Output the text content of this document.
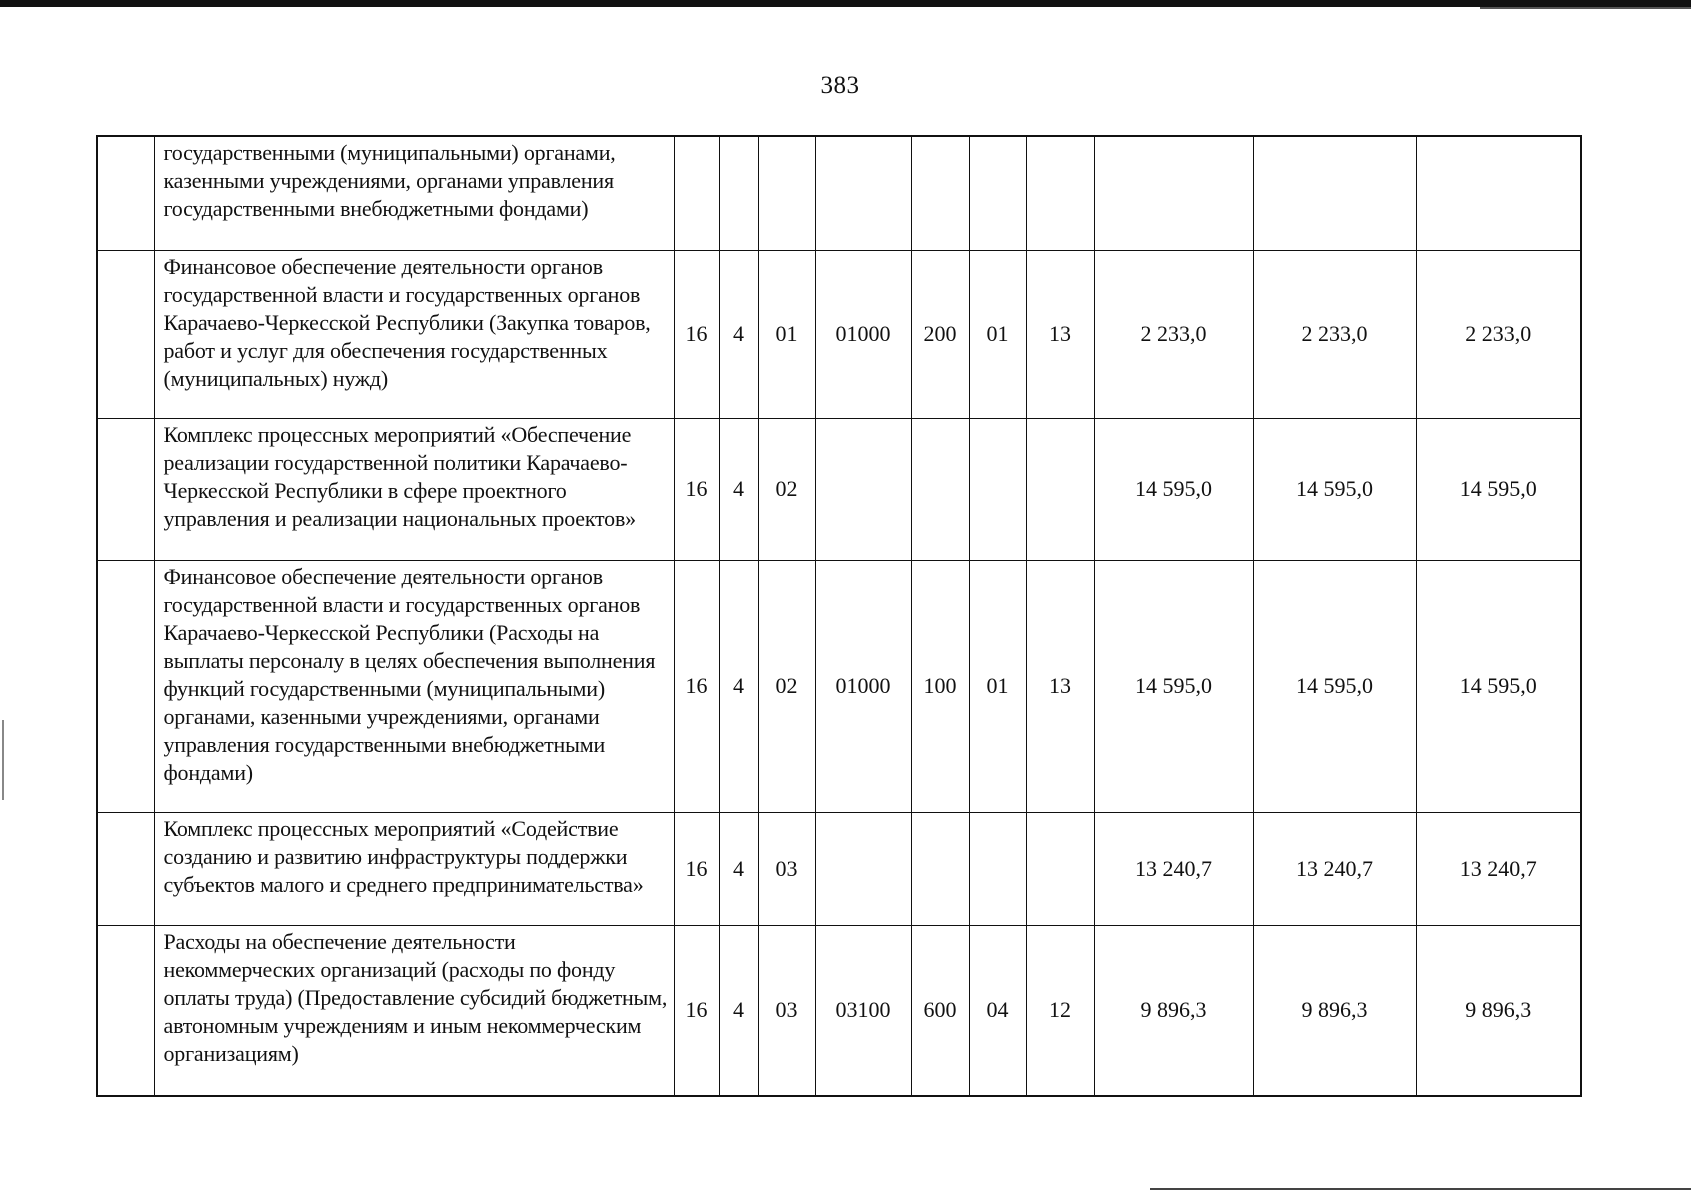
383
	государственными (муниципальными) органами, казенными учреждениями, органами управления государственными внебюджетными фондами)										
	Финансовое обеспечение деятельности органов государственной власти и государственных органов Карачаево-Черкесской Республики (Закупка товаров, работ и услуг для обеспечения государственных (муниципальных) нужд)	16	4	01	01000	200	01	13	2 233,0	2 233,0	2 233,0
	Комплекс процессных мероприятий «Обеспечение реализации государственной политики Карачаево-Черкесской Республики в сфере проектного управления и реализации национальных проектов»	16	4	02					14 595,0	14 595,0	14 595,0
	Финансовое обеспечение деятельности органов государственной власти и государственных органов Карачаево-Черкесской Республики (Расходы на выплаты персоналу в целях обеспечения выполнения функций государственными (муниципальными) органами, казенными учреждениями, органами управления государственными внебюджетными фондами)	16	4	02	01000	100	01	13	14 595,0	14 595,0	14 595,0
	Комплекс процессных мероприятий «Содействие созданию и развитию инфраструктуры поддержки субъектов малого и среднего предпринимательства»	16	4	03					13 240,7	13 240,7	13 240,7
	Расходы на обеспечение деятельности некоммерческих организаций (расходы по фонду оплаты труда) (Предоставление субсидий бюджетным, автономным учреждениям и иным некоммерческим организациям)	16	4	03	03100	600	04	12	9 896,3	9 896,3	9 896,3
